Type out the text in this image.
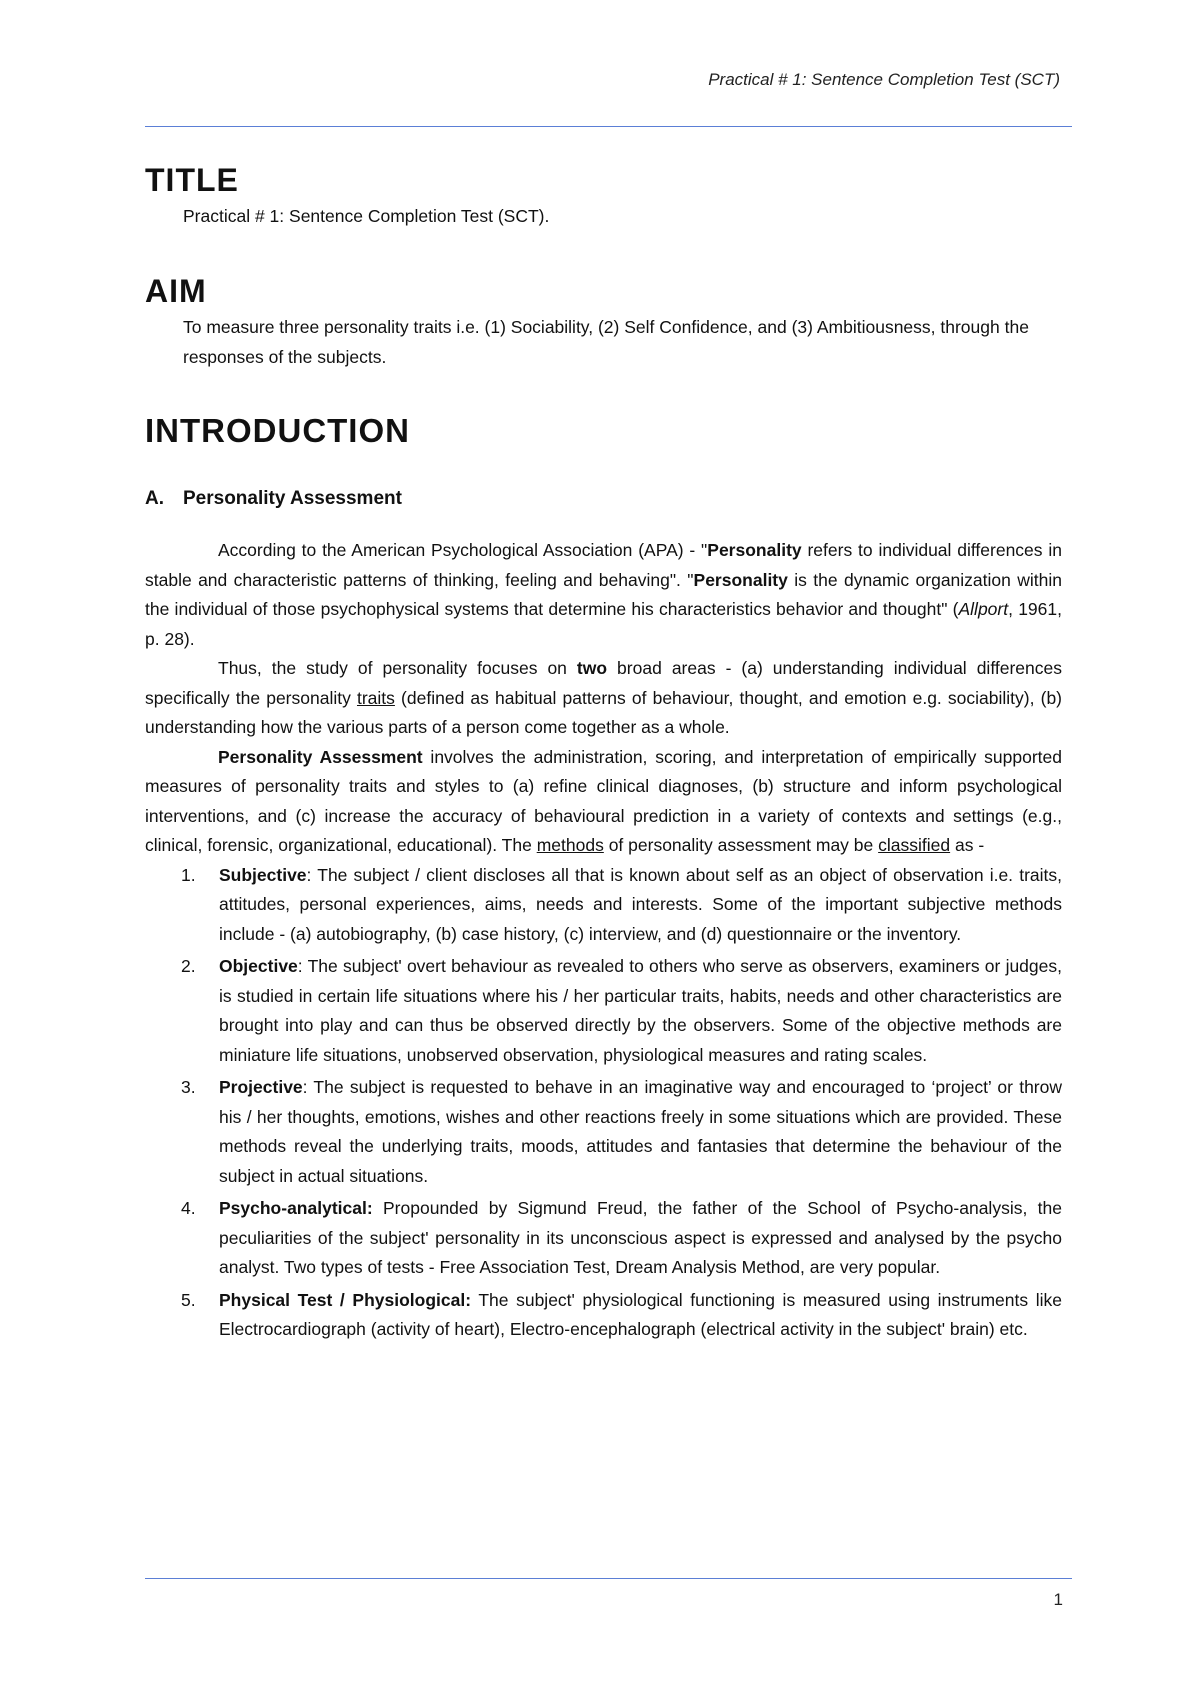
Practical # 1: Sentence Completion Test (SCT)
TITLE

Practical # 1: Sentence Completion Test (SCT).

AIM

To measure three personality traits i.e. (1) Sociability, (2) Self Confidence, and (3) Ambitiousness, through the responses of the subjects.

INTRODUCTION

A. Personality Assessment

According to the American Psychological Association (APA) - "Personality refers to individual differences in stable and characteristic patterns of thinking, feeling and behaving". "Personality is the dynamic organization within the individual of those psychophysical systems that determine his characteristics behavior and thought" (Allport, 1961, p. 28).

Thus, the study of personality focuses on two broad areas - (a) understanding individual differences specifically the personality traits (defined as habitual patterns of behaviour, thought, and emotion e.g. sociability), (b) understanding how the various parts of a person come together as a whole.

Personality Assessment involves the administration, scoring, and interpretation of empirically supported measures of personality traits and styles to (a) refine clinical diagnoses, (b) structure and inform psychological interventions, and (c) increase the accuracy of behavioural prediction in a variety of contexts and settings (e.g., clinical, forensic, organizational, educational). The methods of personality assessment may be classified as -

1. Subjective: The subject / client discloses all that is known about self as an object of observation i.e. traits, attitudes, personal experiences, aims, needs and interests. Some of the important subjective methods include - (a) autobiography, (b) case history, (c) interview, and (d) questionnaire or the inventory.
2. Objective: The subject' overt behaviour as revealed to others who serve as observers, examiners or judges, is studied in certain life situations where his / her particular traits, habits, needs and other characteristics are brought into play and can thus be observed directly by the observers. Some of the objective methods are miniature life situations, unobserved observation, physiological measures and rating scales.
3. Projective: The subject is requested to behave in an imaginative way and encouraged to ‘project’ or throw his / her thoughts, emotions, wishes and other reactions freely in some situations which are provided. These methods reveal the underlying traits, moods, attitudes and fantasies that determine the behaviour of the subject in actual situations.
4. Psycho-analytical: Propounded by Sigmund Freud, the father of the School of Psycho-analysis, the peculiarities of the subject' personality in its unconscious aspect is expressed and analysed by the psycho analyst. Two types of tests - Free Association Test, Dream Analysis Method, are very popular.
5. Physical Test / Physiological: The subject' physiological functioning is measured using instruments like Electrocardiograph (activity of heart), Electro-encephalograph (electrical activity in the subject' brain) etc.
1
